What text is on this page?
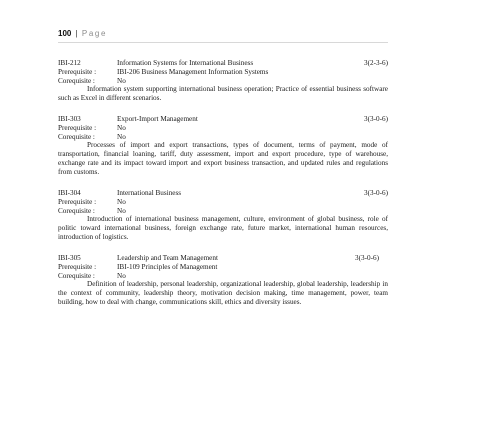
100 | Page
IBI-212	Information Systems for International Business	3(2-3-6)
Prerequisite :	IBI-206 Business Management Information Systems
Corequisite :	No

Information system supporting international business operation; Practice of essential business software such as Excel in different scenarios.

IBI-303	Export-Import Management	3(3-0-6)
Prerequisite :	No
Corequisite :	No

Processes of import and export transactions, types of document, terms of payment, mode of transportation, financial loaning, tariff, duty assessment, import and export procedure, type of warehouse, exchange rate and its impact toward import and export business transaction, and updated rules and regulations from customs.

IBI-304	International Business	3(3-0-6)
Prerequisite :	No
Corequisite :	No

Introduction of international business management, culture, environment of global business, role of politic toward international business, foreign exchange rate, future market, international human resources, introduction of logistics.

IBI-305	Leadership and Team Management	3(3-0-6)
Prerequisite :	IBI-109 Principles of Management
Corequisite :	No

Definition of leadership, personal leadership, organizational leadership, global leadership, leadership in the context of community, leadership theory, motivation decision making, time management, power, team building, how to deal with change, communications skill, ethics and diversity issues.
